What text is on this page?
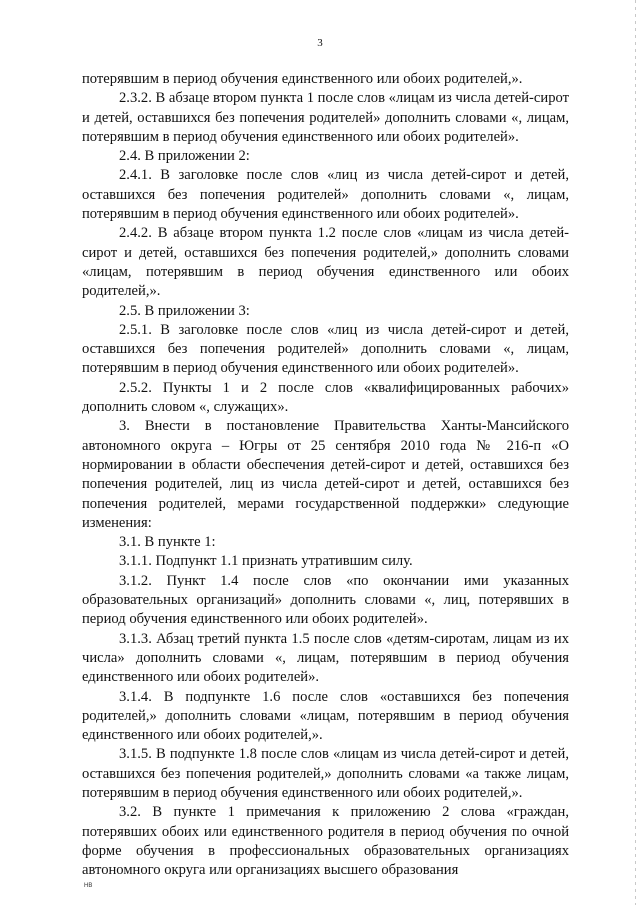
3

потерявшим в период обучения единственного или обоих родителей,».

2.3.2. В абзаце втором пункта 1 после слов «лицам из числа детей-сирот и детей, оставшихся без попечения родителей» дополнить словами «, лицам, потерявшим в период обучения единственного или обоих родителей».

2.4. В приложении 2:

2.4.1. В заголовке после слов «лиц из числа детей-сирот и детей, оставшихся без попечения родителей» дополнить словами «, лицам, потерявшим в период обучения единственного или обоих родителей».

2.4.2. В абзаце втором пункта 1.2 после слов «лицам из числа детей-сирот и детей, оставшихся без попечения родителей,» дополнить словами «лицам, потерявшим в период обучения единственного или обоих родителей,».

2.5. В приложении 3:

2.5.1. В заголовке после слов «лиц из числа детей-сирот и детей, оставшихся без попечения родителей» дополнить словами «, лицам, потерявшим в период обучения единственного или обоих родителей».

2.5.2. Пункты 1 и 2 после слов «квалифицированных рабочих» дополнить словом «, служащих».

3. Внести в постановление Правительства Ханты-Мансийского автономного округа – Югры от 25 сентября 2010 года № 216-п «О нормировании в области обеспечения детей-сирот и детей, оставшихся без попечения родителей, лиц из числа детей-сирот и детей, оставшихся без попечения родителей, мерами государственной поддержки» следующие изменения:

3.1. В пункте 1:

3.1.1. Подпункт 1.1 признать утратившим силу.

3.1.2. Пункт 1.4 после слов «по окончании ими указанных образовательных организаций» дополнить словами «, лиц, потерявших в период обучения единственного или обоих родителей».

3.1.3. Абзац третий пункта 1.5 после слов «детям-сиротам, лицам из их числа» дополнить словами «, лицам, потерявшим в период обучения единственного или обоих родителей».

3.1.4. В подпункте 1.6 после слов «оставшихся без попечения родителей,» дополнить словами «лицам, потерявшим в период обучения единственного или обоих родителей,».

3.1.5. В подпункте 1.8 после слов «лицам из числа детей-сирот и детей, оставшихся без попечения родителей,» дополнить словами «а также лицам, потерявшим в период обучения единственного или обоих родителей,».

3.2. В пункте 1 примечания к приложению 2 слова «граждан, потерявших обоих или единственного родителя в период обучения по очной форме обучения в профессиональных образовательных организациях автономного округа или организациях высшего образования

НВ
